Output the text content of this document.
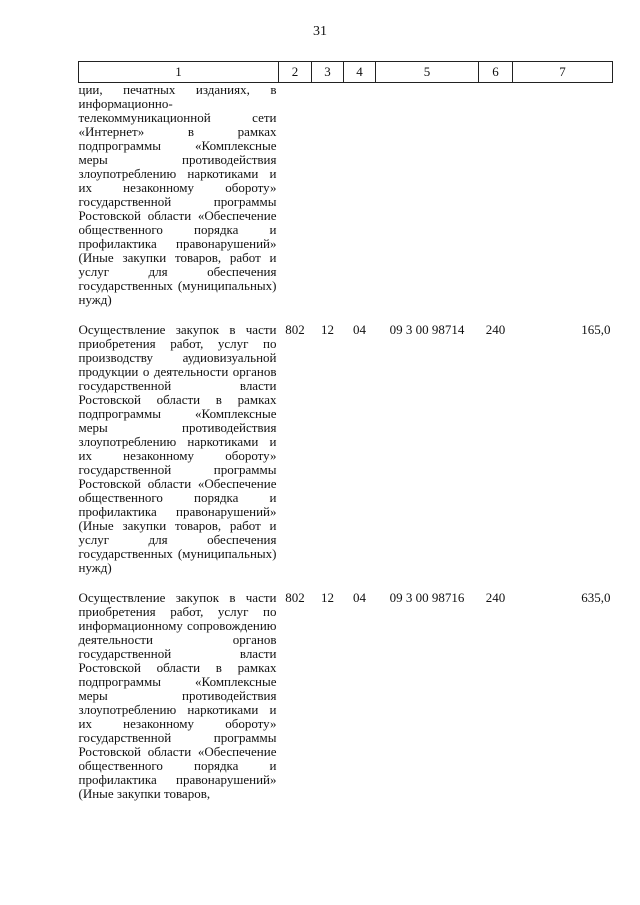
31
1	2	3	4	5	6	7
ции, печатных изданиях, в информационно-телекоммуникационной сети «Интернет» в рамках подпрограммы «Комплексные меры противодействия злоупотреблению наркотиками и их незаконному обороту» государственной программы Ростовской области «Обеспечение общественного порядка и профилактика правонарушений» (Иные закупки товаров, работ и услуг для обеспечения государственных (муниципальных) нужд)						

Осуществление закупок в части приобретения работ, услуг по производству аудиовизуальной продукции о деятельности органов государственной власти Ростовской области в рамках подпрограммы «Комплексные меры противодействия злоупотреблению наркотиками и их незаконному обороту» государственной программы Ростовской области «Обеспечение общественного порядка и профилактика правонарушений» (Иные закупки товаров, работ и услуг для обеспечения государственных (муниципальных) нужд)	802	12	04	09 3 00 98714	240	165,0

Осуществление закупок в части приобретения работ, услуг по информационному сопровождению деятельности органов государственной власти Ростовской области в рамках подпрограммы «Комплексные меры противодействия злоупотреблению наркотиками и их незаконному обороту» государственной программы Ростовской области «Обеспечение общественного порядка и профилактика правонарушений» (Иные закупки товаров,	802	12	04	09 3 00 98716	240	635,0
